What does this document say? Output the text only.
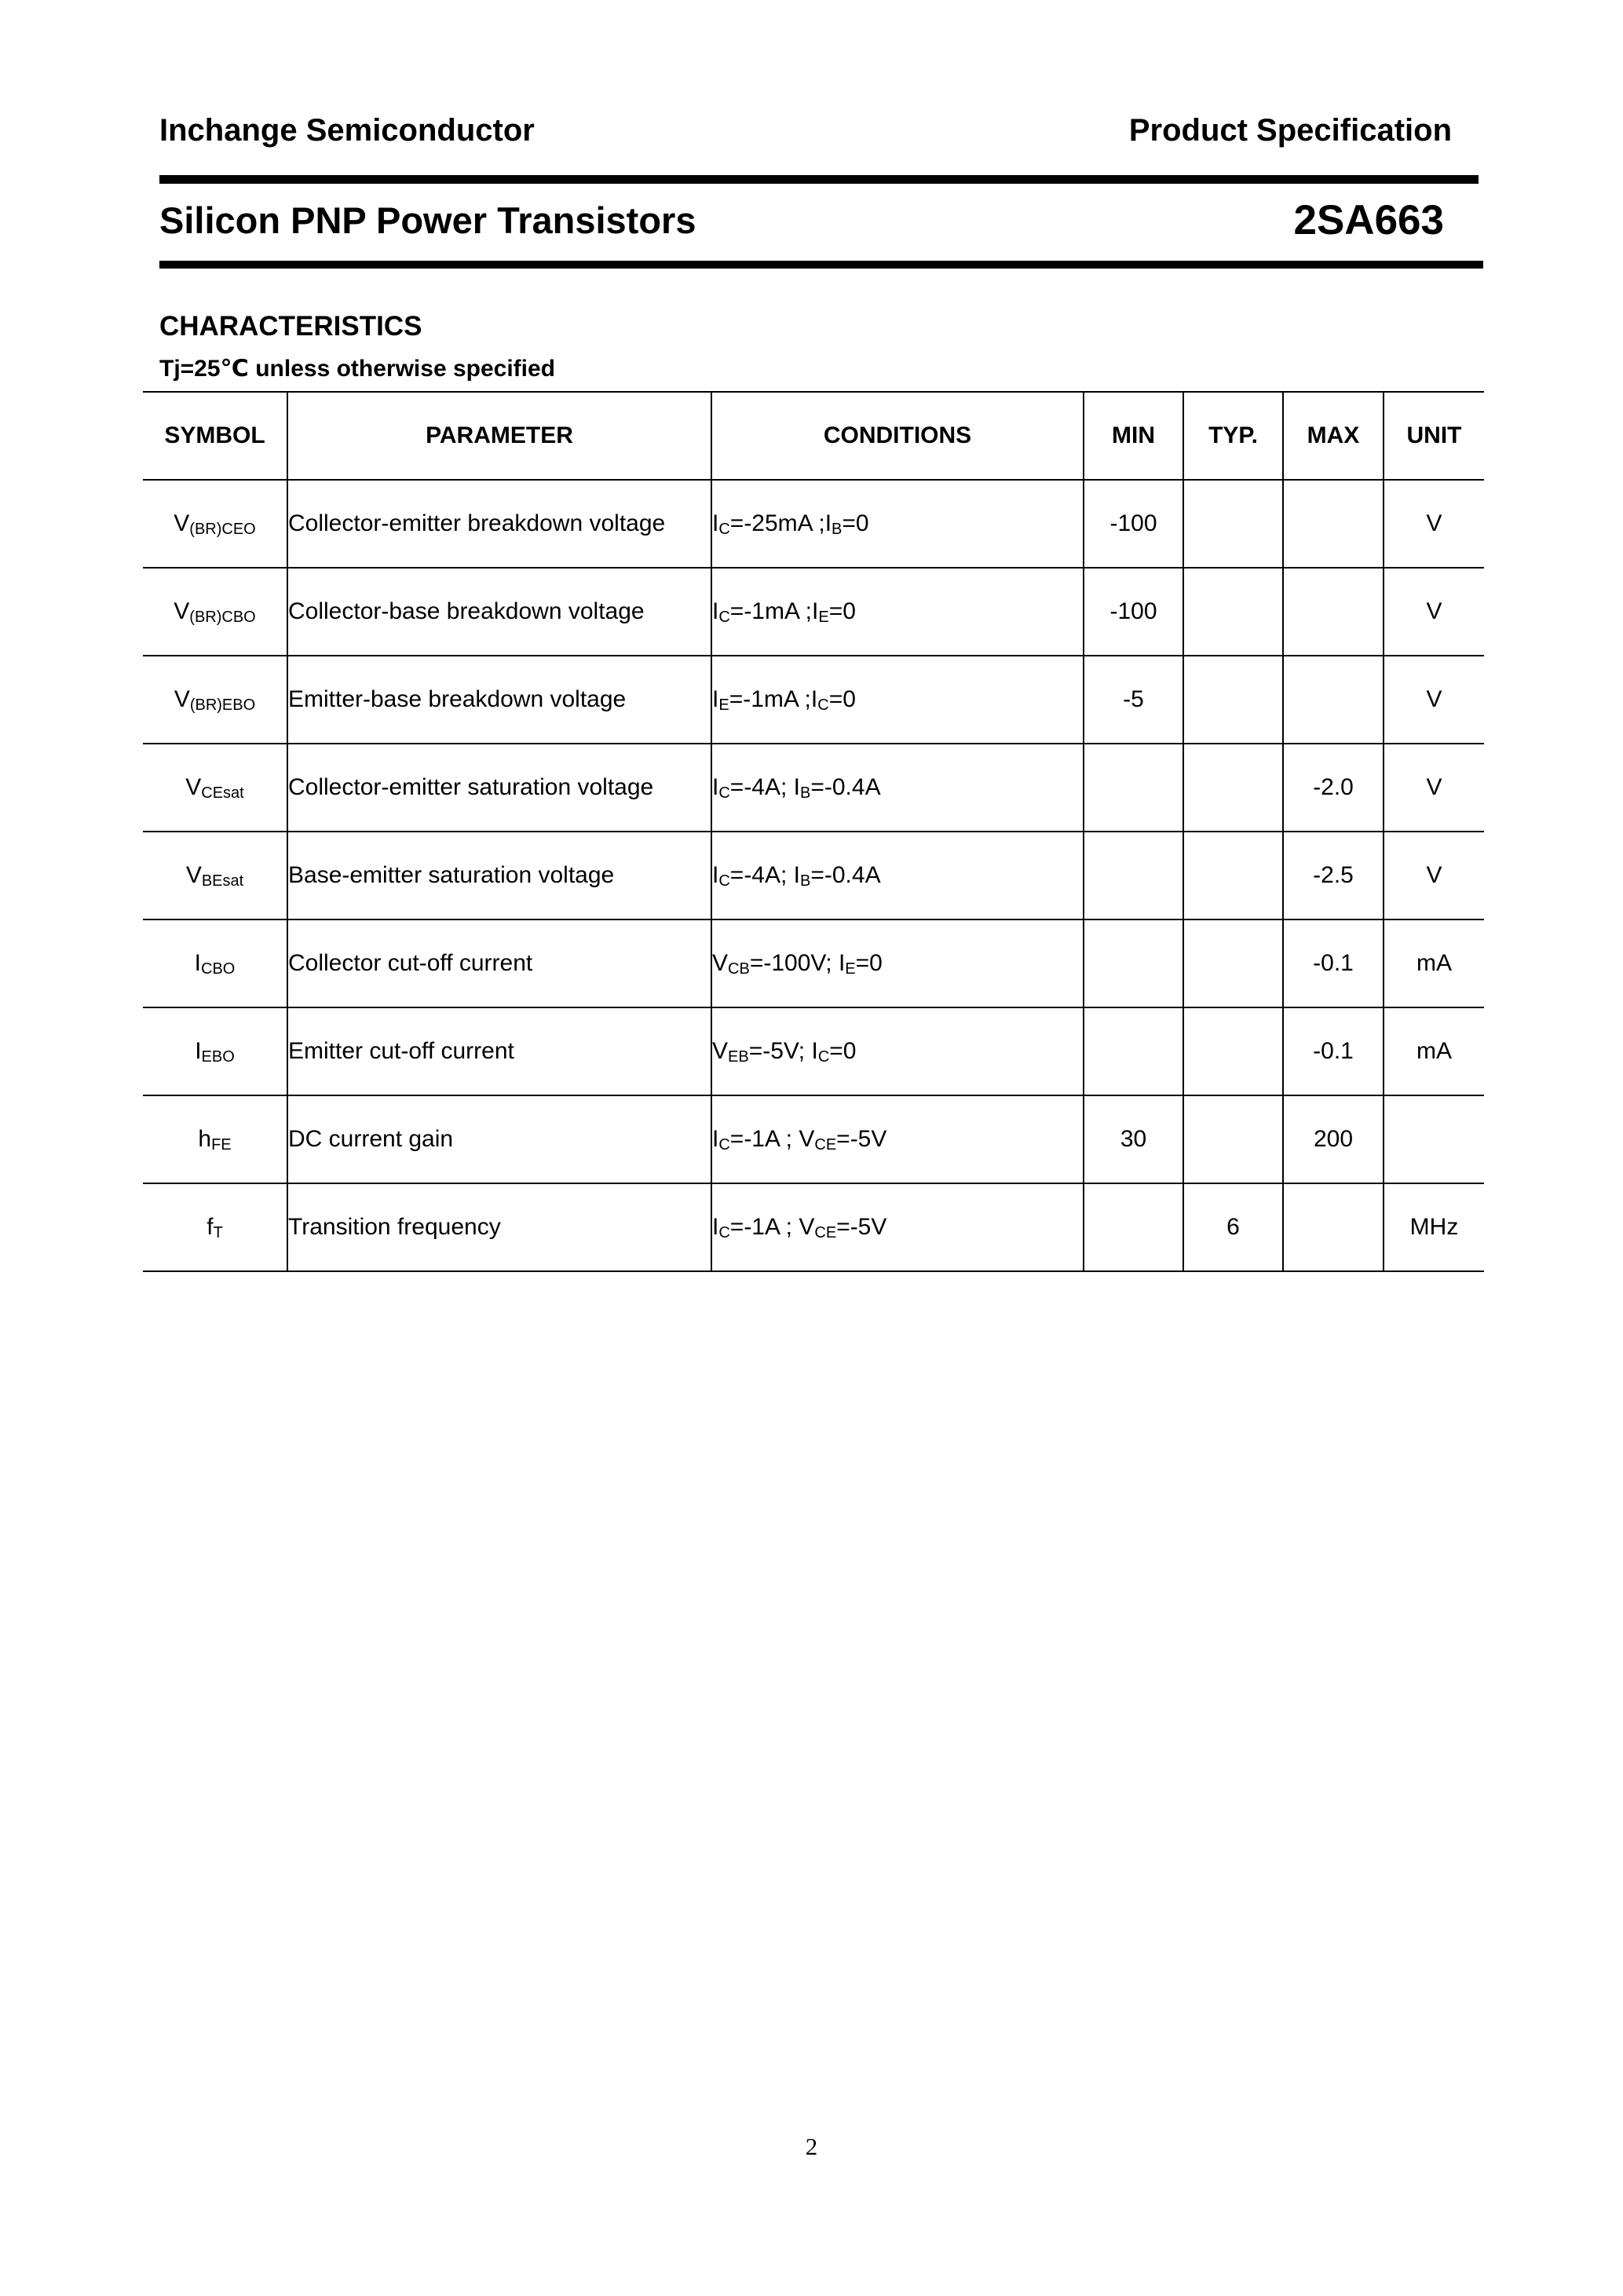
Inchange Semiconductor	Product Specification
Silicon PNP Power Transistors	2SA663
CHARACTERISTICS
Tj=25℃ unless otherwise specified
SYMBOL	PARAMETER	CONDITIONS	MIN	TYP.	MAX	UNIT
$V_{(BR)CEO}$	Collector-emitter breakdown voltage	$I_C=-25mA$ $;I_B=0$	-100			V
$V_{(BR)CBO}$	Collector-base breakdown voltage	$I_C=-1mA$ $;I_E=0$	-100			V
$V_{(BR)EBO}$	Emitter-base breakdown voltage	$I_E=-1mA$ $;I_C=0$	-5			V
$V_{CEsat}$	Collector-emitter saturation voltage	$I_C=-4A$; $I_B=-0.4A$			-2.0	V
$V_{BEsat}$	Base-emitter saturation voltage	$I_C=-4A$; $I_B=-0.4A$			-2.5	V
$I_{CBO}$	Collector cut-off current	$V_{CB}=-100V$; $I_E=0$			-0.1	mA
$I_{EBO}$	Emitter cut-off current	$V_{EB}=-5V$; $I_C=0$			-0.1	mA
$h_{FE}$	DC current gain	$I_C=-1A$ ; $V_{CE}=-5V$	30		200	
$f_T$	Transition frequency	$I_C=-1A$ ; $V_{CE}=-5V$		6		MHz
2
